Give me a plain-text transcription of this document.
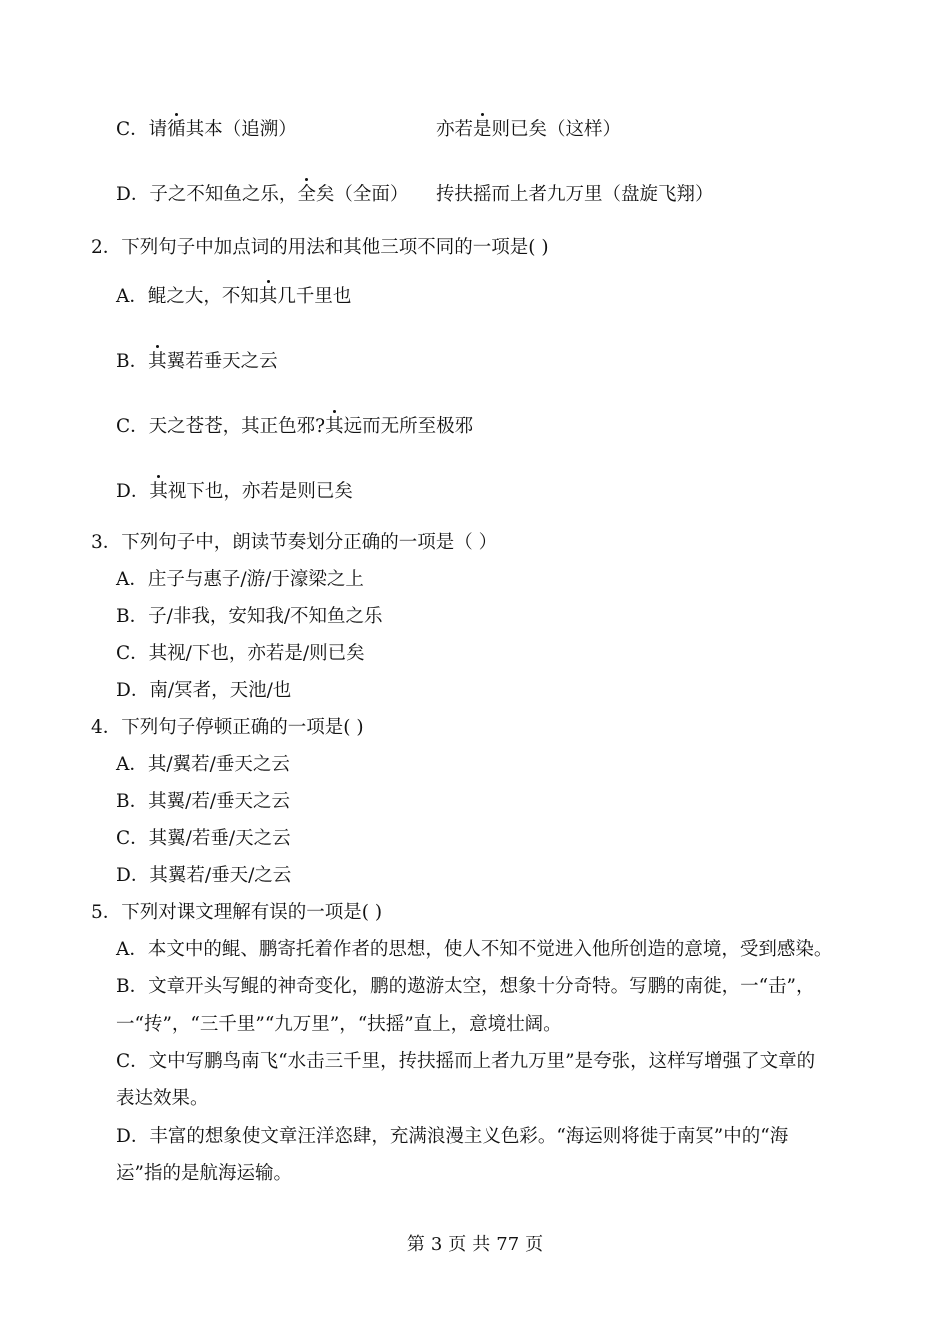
C．请循其本（追溯）	亦若是则已矣（这样）
D．子之不知鱼之乐，全矣（全面） 抟扶摇而上者九万里（盘旋飞翔）
2．下列句子中加点词的用法和其他三项不同的一项是( )
A．鲲之大，不知其几千里也
B．其翼若垂天之云
C．天之苍苍，其正色邪?其远而无所至极邪
D．其视下也，亦若是则已矣
3．下列句子中，朗读节奏划分正确的一项是（ ）
A．庄子与惠子/游/于濠梁之上
B．子/非我，安知我/不知鱼之乐
C．其视/下也，亦若是/则已矣
D．南/冥者，天池/也
4．下列句子停顿正确的一项是( )
A．其/翼若/垂天之云
B．其翼/若/垂天之云
C．其翼/若垂/天之云
D．其翼若/垂天/之云
5．下列对课文理解有误的一项是( )
A．本文中的鲲、鹏寄托着作者的思想，使人不知不觉进入他所创造的意境，受到感染。
B．文章开头写鲲的神奇变化，鹏的遨游太空，想象十分奇特。写鹏的南徙，一“击”，
一“抟”，“三千里”“九万里”，“扶摇”直上，意境壮阔。
C．文中写鹏鸟南飞“水击三千里，抟扶摇而上者九万里”是夸张，这样写增强了文章的
表达效果。
D．丰富的想象使文章汪洋恣肆，充满浪漫主义色彩。“海运则将徙于南冥”中的“海
运”指的是航海运输。
第 3 页 共 77 页
